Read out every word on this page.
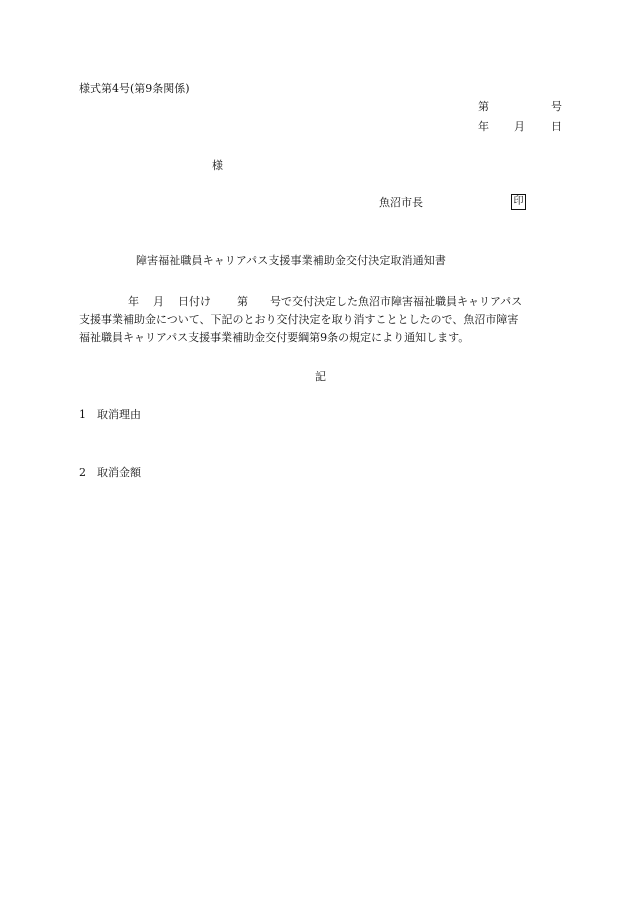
様式第4号(第9条関係)
第	号
年 月 日
様
魚沼市長	印
障害福祉職員キャリアパス支援事業補助金交付決定取消通知書
年 月 日付け 第 号で交付決定した魚沼市障害福祉職員キャリアパス
支援事業補助金について、下記のとおり交付決定を取り消すこととしたので、魚沼市障害
福祉職員キャリアパス支援事業補助金交付要綱第9条の規定により通知します。
記
1 取消理由
2 取消金額
